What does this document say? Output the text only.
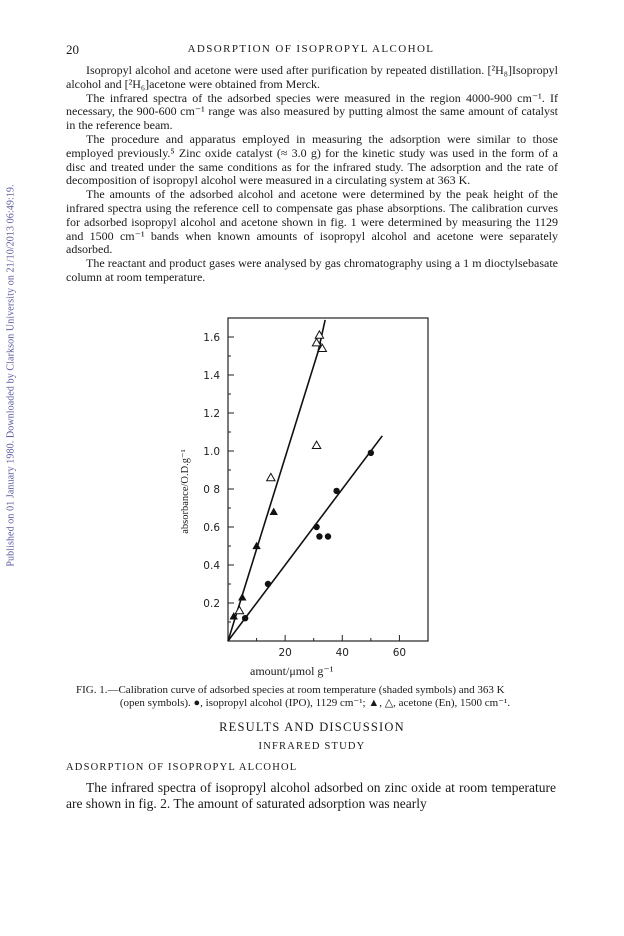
Published on 01 January 1980. Downloaded by Clarkson University on 21/10/2013 06:49:19.
20	ADSORPTION OF ISOPROPYL ALCOHOL

Isopropyl alcohol and acetone were used after purification by repeated distillation. [²H₈]Isopropyl alcohol and [²H₆]acetone were obtained from Merck.

The infrared spectra of the adsorbed species were measured in the region 4000-900 cm⁻¹. If necessary, the 900-600 cm⁻¹ range was also measured by putting almost the same amount of catalyst in the reference beam.

The procedure and apparatus employed in measuring the adsorption were similar to those employed previously.⁵ Zinc oxide catalyst (≈ 3.0 g) for the kinetic study was used in the form of a disc and treated under the same conditions as for the infrared study. The adsorption and the rate of decomposition of isopropyl alcohol were measured in a circulating system at 363 K.

The amounts of the adsorbed alcohol and acetone were determined by the peak height of the infrared spectra using the reference cell to compensate gas phase absorptions. The calibration curves for adsorbed isopropyl alcohol and acetone shown in fig. 1 were determined by measuring the 1129 and 1500 cm⁻¹ bands when known amounts of isopropyl alcohol and acetone were separately adsorbed.

The reactant and product gases were analysed by gas chromatography using a 1 m dioctylsebasate column at room temperature.

0.2
0.4
0.6
0 8
1.0
1.2
1.4
1.6
20	40	60
absorbance/O.D.g⁻¹
amount/μmol g⁻¹
FIG. 1.—Calibration curve of adsorbed species at room temperature (shaded symbols) and 363 K
(open symbols). ●, isopropyl alcohol (IPO), 1129 cm⁻¹; ▲, △, acetone (En), 1500 cm⁻¹.
RESULTS AND DISCUSSION
INFRARED STUDY
ADSORPTION OF ISOPROPYL ALCOHOL

The infrared spectra of isopropyl alcohol adsorbed on zinc oxide at room temperature are shown in fig. 2. The amount of saturated adsorption was nearly
